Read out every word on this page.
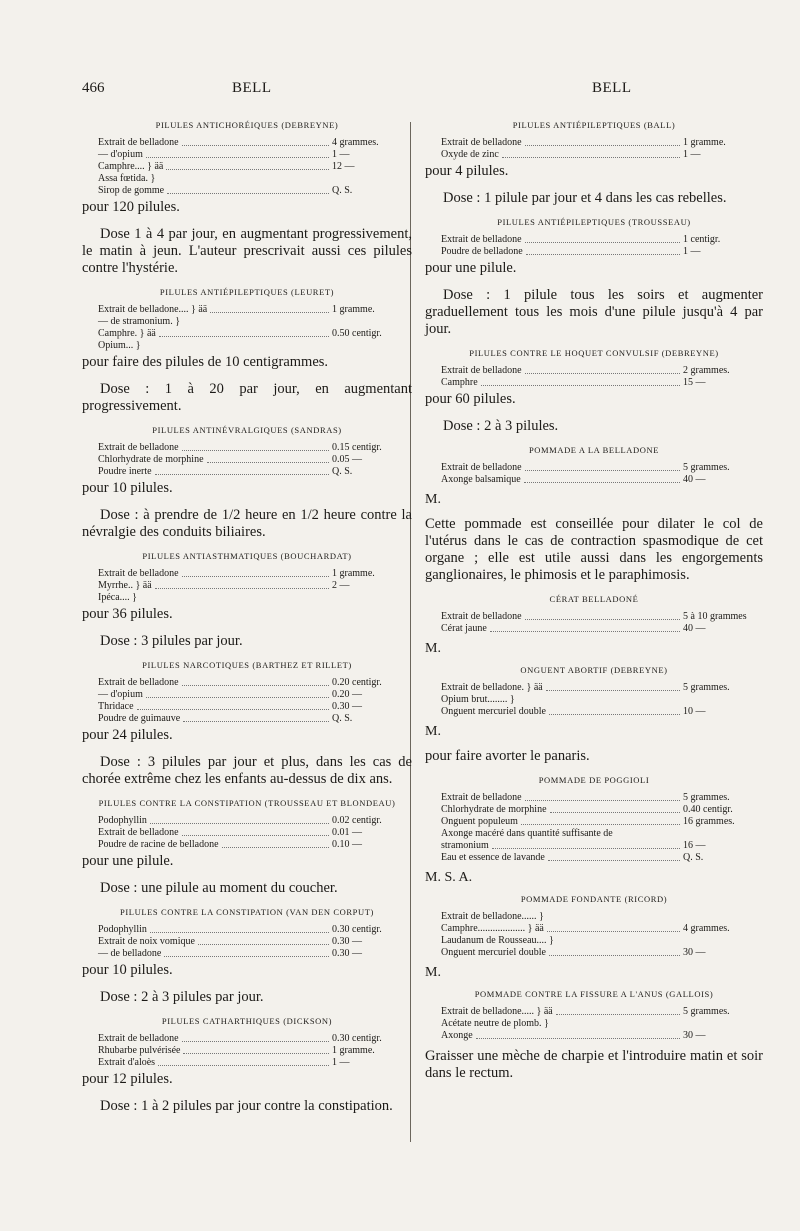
466	BELL	BELL
PILULES ANTICHORÉIQUES (DEBREYNE)
Extrait de belladone	4 grammes.
— d'opium	1 —
Camphre.... } ää	12 —
Assa fœtida. }
Sirop de gomme	Q. S.
pour 120 pilules.
Dose 1 à 4 par jour, en augmentant progressivement, le matin à jeun. L'auteur prescrivait aussi ces pilules contre l'hystérie.
PILULES ANTIÉPILEPTIQUES (LEURET)
Extrait de belladone.... } ää	1 gramme.
— de stramonium. }
Camphre. } ää	0.50 centigr.
Opium... }
pour faire des pilules de 10 centigrammes.
Dose : 1 à 20 par jour, en augmentant progressivement.
PILULES ANTINÉVRALGIQUES (SANDRAS)
Extrait de belladone	0.15 centigr.
Chlorhydrate de morphine	0.05 —
Poudre inerte	Q. S.
pour 10 pilules.
Dose : à prendre de 1/2 heure en 1/2 heure contre la névralgie des conduits biliaires.
PILULES ANTIASTHMATIQUES (BOUCHARDAT)
Extrait de belladone	1 gramme.
Myrrhe.. } ää	2 —
Ipéca.... }
pour 36 pilules.
Dose : 3 pilules par jour.
PILULES NARCOTIQUES (BARTHEZ ET RILLET)
Extrait de belladone	0.20 centigr.
— d'opium	0.20 —
Thridace	0.30 —
Poudre de guimauve	Q. S.
pour 24 pilules.
Dose : 3 pilules par jour et plus, dans les cas de chorée extrême chez les enfants au-dessus de dix ans.
PILULES CONTRE LA CONSTIPATION (TROUSSEAU ET BLONDEAU)
Podophyllin	0.02 centigr.
Extrait de belladone	0.01 —
Poudre de racine de belladone	0.10 —
pour une pilule.
Dose : une pilule au moment du coucher.
PILULES CONTRE LA CONSTIPATION (VAN DEN CORPUT)
Podophyllin	0.30 centigr.
Extrait de noix vomique	0.30 —
— de belladone	0.30 —
pour 10 pilules.
Dose : 2 à 3 pilules par jour.
PILULES CATHARTHIQUES (DICKSON)
Extrait de belladone	0.30 centigr.
Rhubarbe pulvérisée	1 gramme.
Extrait d'aloès	1 —
pour 12 pilules.
Dose : 1 à 2 pilules par jour contre la constipation.
PILULES ANTIÉPILEPTIQUES (BALL)
Extrait de belladone	1 gramme.
Oxyde de zinc	1 —
pour 4 pilules.
Dose : 1 pilule par jour et 4 dans les cas rebelles.
PILULES ANTIÉPILEPTIQUES (TROUSSEAU)
Extrait de belladone	1 centigr.
Poudre de belladone	1 —
pour une pilule.
Dose : 1 pilule tous les soirs et augmenter graduellement tous les mois d'une pilule jusqu'à 4 par jour.
PILULES CONTRE LE HOQUET CONVULSIF (DEBREYNE)
Extrait de belladone	2 grammes.
Camphre	15 —
pour 60 pilules.
Dose : 2 à 3 pilules.
POMMADE A LA BELLADONE
Extrait de belladone	5 grammes.
Axonge balsamique	40 —
M.
Cette pommade est conseillée pour dilater le col de l'utérus dans le cas de contraction spasmodique de cet organe ; elle est utile aussi dans les engorgements ganglionaires, le phimosis et le paraphimosis.
CÉRAT BELLADONÉ
Extrait de belladone	5 à 10 grammes
Cérat jaune	40 —
M.
ONGUENT ABORTIF (DEBREYNE)
Extrait de belladone. } ää	5 grammes.
Opium brut........ }
Onguent mercuriel double	10 —
M.
pour faire avorter le panaris.
POMMADE DE POGGIOLI
Extrait de belladone	5 grammes.
Chlorhydrate de morphine	0.40 centigr.
Onguent populeum	16 grammes.
Axonge macéré dans quantité suffisante de
stramonium	16 —
Eau et essence de lavande	Q. S.
M. S. A.
POMMADE FONDANTE (RICORD)
Extrait de belladone...... }
Camphre................... } ää	4 grammes.
Laudanum de Rousseau.... }
Onguent mercuriel double	30 —
M.
POMMADE CONTRE LA FISSURE A L'ANUS (GALLOIS)
Extrait de belladone..... } ää	5 grammes.
Acétate neutre de plomb. }
Axonge	30 —
Graisser une mèche de charpie et l'introduire matin et soir dans le rectum.
